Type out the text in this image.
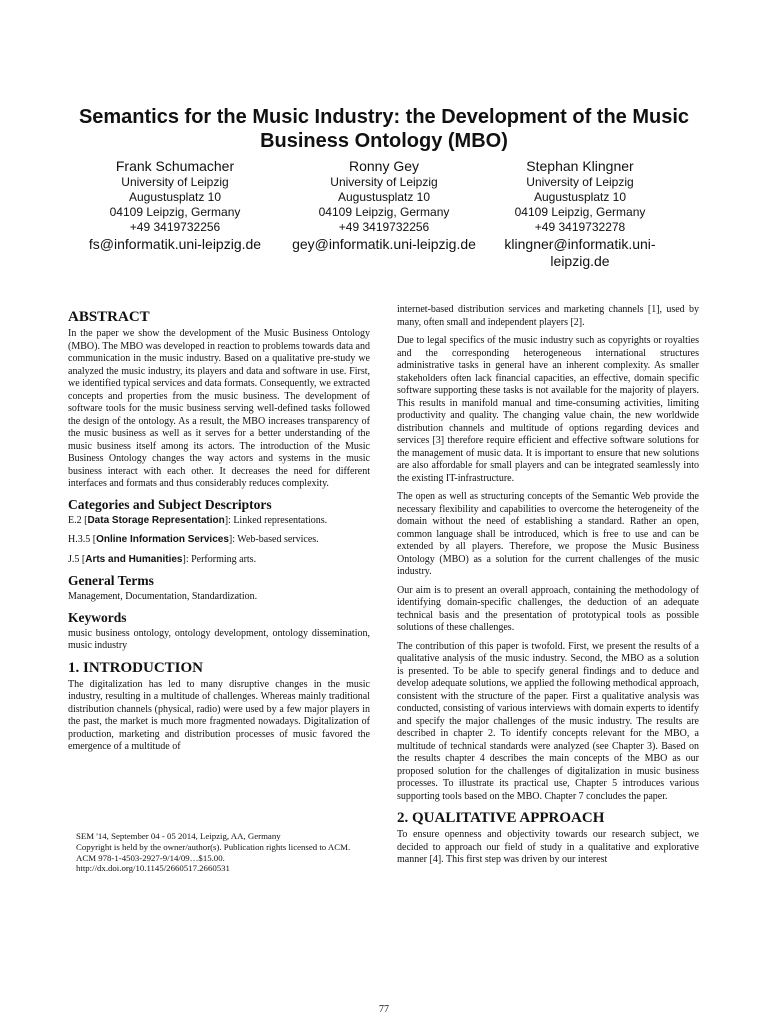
Semantics for the Music Industry: the Development of the Music Business Ontology (MBO)
Frank Schumacher
University of Leipzig
Augustusplatz 10
04109 Leipzig, Germany
+49 3419732256
fs@informatik.uni-leipzig.de
Ronny Gey
University of Leipzig
Augustusplatz 10
04109 Leipzig, Germany
+49 3419732256
gey@informatik.uni-leipzig.de
Stephan Klingner
University of Leipzig
Augustusplatz 10
04109 Leipzig, Germany
+49 3419732278
klingner@informatik.uni-leipzig.de
ABSTRACT

In the paper we show the development of the Music Business Ontology (MBO). The MBO was developed in reaction to problems towards data and communication in the music industry. Based on a qualitative pre-study we analyzed the music industry, its players and data and software in use. First, we identified typical services and data formats. Consequently, we extracted concepts and properties from the music business. The development of software tools for the music business serving well-defined tasks followed the design of the ontology. As a result, the MBO increases transparency of the music business as well as it serves for a better understanding of the music business itself among its actors. The introduction of the Music Business Ontology changes the way actors and systems in the music business interact with each other. It decreases the need for different interfaces and formats and thus considerably reduces complexity.

Categories and Subject Descriptors

E.2 [Data Storage Representation]: Linked representations.

H.3.5 [Online Information Services]: Web-based services.

J.5 [Arts and Humanities]: Performing arts.

General Terms

Management, Documentation, Standardization.

Keywords

music business ontology, ontology development, ontology dissemination, music industry

1. INTRODUCTION

The digitalization has led to many disruptive changes in the music industry, resulting in a multitude of challenges. Whereas mainly traditional distribution channels (physical, radio) were used by a few major players in the past, the market is much more fragmented nowadays. Digitalization of production, marketing and distribution processes of music favored the emergence of a multitude of

SEM '14, September 04 - 05 2014, Leipzig, AA, Germany
Copyright is held by the owner/author(s). Publication rights licensed to ACM.
ACM 978-1-4503-2927-9/14/09…$15.00.
http://dx.doi.org/10.1145/2660517.2660531

internet-based distribution services and marketing channels [1], used by many, often small and independent players [2].

Due to legal specifics of the music industry such as copyrights or royalties and the corresponding heterogeneous international structures administrative tasks in general have an inherent complexity. As smaller stakeholders often lack financial capacities, an effective, domain specific software supporting these tasks is not available for the majority of players. This results in manifold manual and time-consuming activities, limiting productivity and quality. The changing value chain, the new worldwide distribution channels and multitude of options regarding devices and services [3] therefore require efficient and effective software solutions for the management of music data. It is important to ensure that new solutions are also affordable for small players and can be integrated seamlessly into the existing IT-infrastructure.

The open as well as structuring concepts of the Semantic Web provide the necessary flexibility and capabilities to overcome the heterogeneity of the domain without the need of establishing a standard. Rather an open, common language shall be introduced, which is free to use and can be extended by all players. Therefore, we propose the Music Business Ontology (MBO) as a solution for the current challenges of the music industry.

Our aim is to present an overall approach, containing the methodology of identifying domain-specific challenges, the deduction of an adequate technical basis and the presentation of prototypical tools as possible solutions of these challenges.

The contribution of this paper is twofold. First, we present the results of a qualitative analysis of the music industry. Second, the MBO as a solution is presented. To be able to specify general findings and to deduce and develop adequate solutions, we applied the following methodical approach, consistent with the structure of the paper. First a qualitative analysis was conducted, consisting of various interviews with domain experts to identify and specify the major challenges of the music industry. The results are described in chapter 2. To identify concepts relevant for the MBO, a multitude of technical standards were analyzed (see Chapter 3). Based on the results chapter 4 describes the main concepts of the MBO as our proposed solution for the challenges of digitalization in music business processes. To illustrate its practical use, Chapter 5 introduces various supporting tools based on the MBO. Chapter 7 concludes the paper.

2. QUALITATIVE APPROACH

To ensure openness and objectivity towards our research subject, we decided to approach our field of study in a qualitative and explorative manner [4]. This first step was driven by our interest

77
